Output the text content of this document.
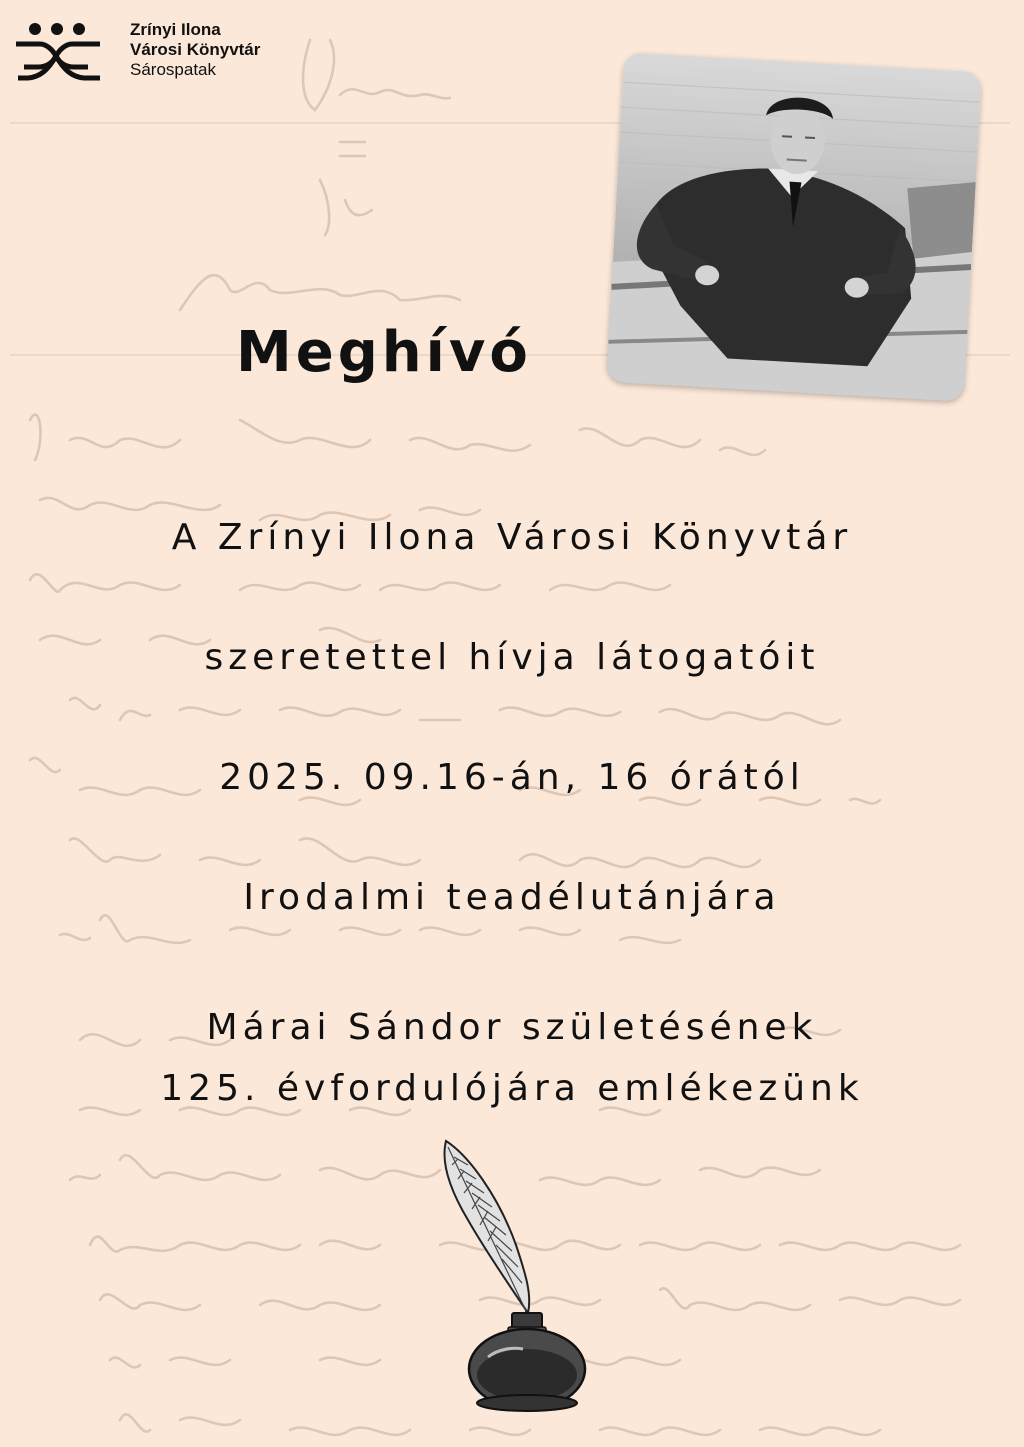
Zrínyi Ilona
Városi Könyvtár
Sárospatak
Meghívó
A Zrínyi Ilona Városi Könyvtár
szeretettel hívja látogatóit
2025. 09.16-án, 16 órától
Irodalmi teadélutánjára
Márai Sándor születésének
125. évfordulójára emlékezünk
